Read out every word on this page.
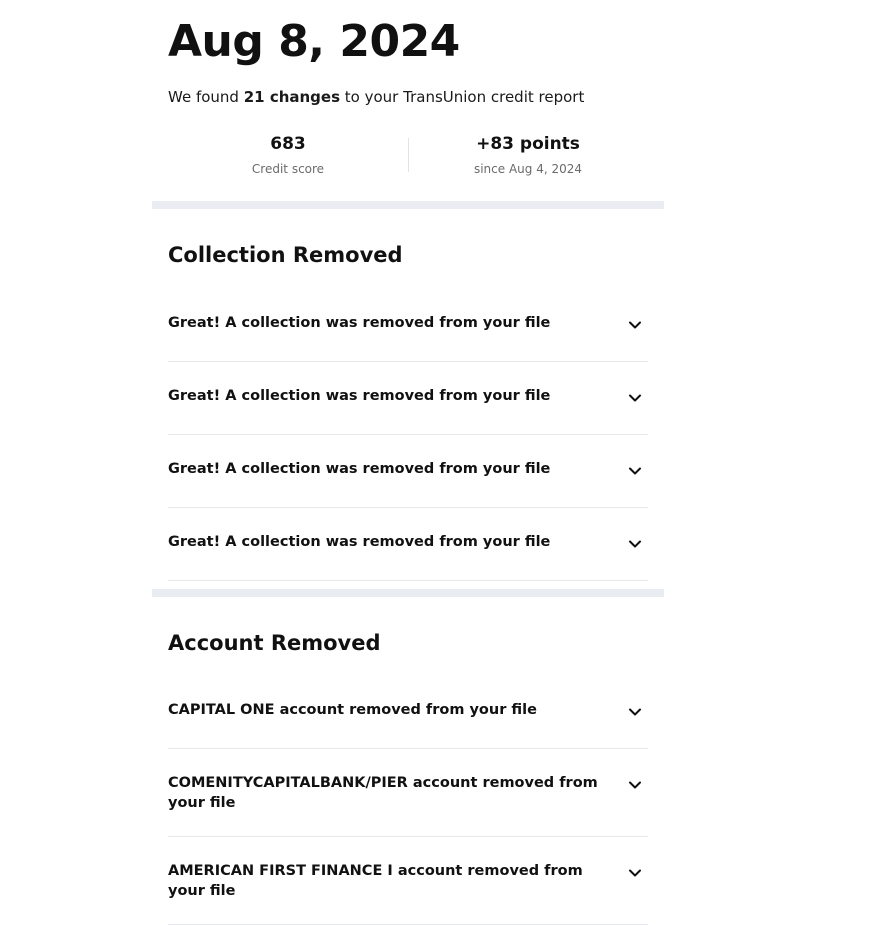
Aug 8, 2024

We found 21 changes to your TransUnion credit report

683
Credit score
+83 points
since Aug 4, 2024
Collection Removed
Great! A collection was removed from your file
Great! A collection was removed from your file
Great! A collection was removed from your file
Great! A collection was removed from your file
Account Removed
CAPITAL ONE account removed from your file
COMENITYCAPITALBANK/PIER account removed from your file
AMERICAN FIRST FINANCE I account removed from your file
